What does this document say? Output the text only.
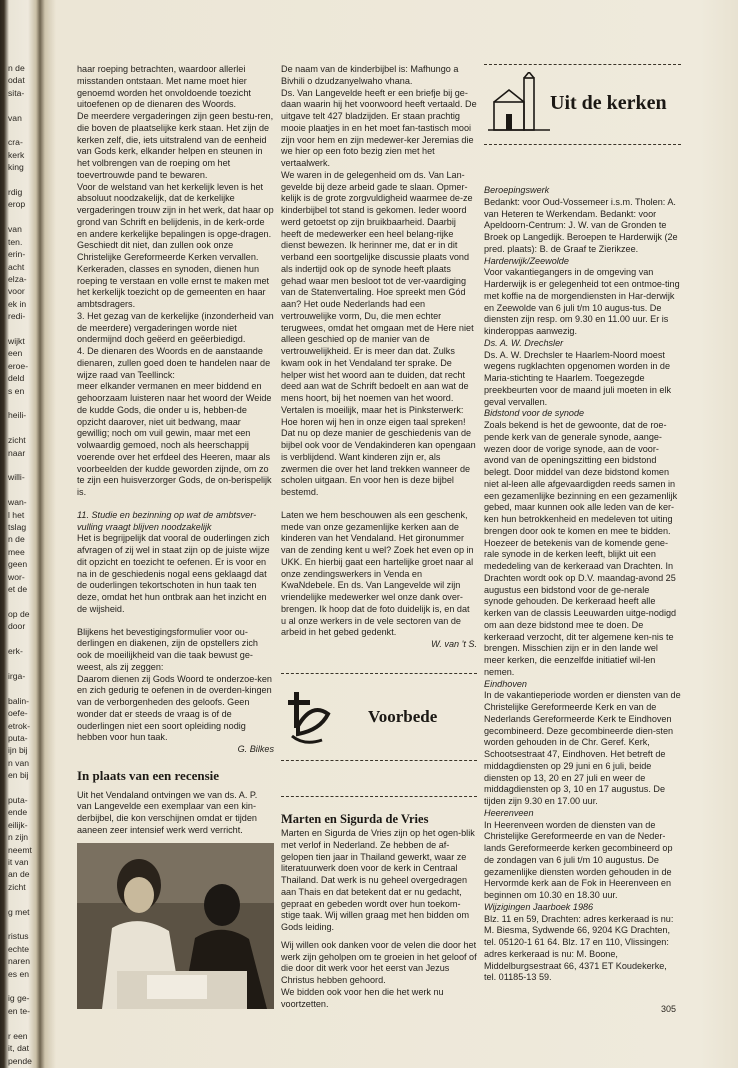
n de
odat
sita-

van

cra-
kerk
king

rdig
erop

van
ten.
erin-
acht
elza-
voor
ek in
redi-

wijkt
een
eroe-
deld
s en

heili-

zicht
naar

willi-

wan-
l het
tslag
n de
mee
geen
wor-
et de

op de
door

erk-

irga-

balin-
oefe-
etrok-
puta-
ijn bij
n van
en bij

puta-
ende
eilijk-
n zijn
neemt
it van
an de
zicht

g met

ristus
echte
naren
es en

ig ge-
en te-

r een
it, dat
pende

haar roeping betrachten, waardoor allerlei misstanden ontstaan. Met name moet hier genoemd worden het onvoldoende toezicht uitoefenen op de dienaren des Woords.

De meerdere vergaderingen zijn geen bestu-ren, die boven de plaatselijke kerk staan. Het zijn de kerken zelf, die, iets uitstralend van de eenheid van Gods kerk, elkander helpen en steunen in het volbrengen van de roeping om het toevertrouwde pand te bewaren.

Voor de welstand van het kerkelijk leven is het absoluut noodzakelijk, dat de kerkelijke vergaderingen trouw zijn in het werk, dat haar op grond van Schrift en belijdenis, in de kerk-orde en andere kerkelijke bepalingen is opge-dragen.

Geschiedt dit niet, dan zullen ook onze Christelijke Gereformeerde Kerken vervallen. Kerkeraden, classes en synoden, dienen hun roeping te verstaan en volle ernst te maken met het kerkelijk toezicht op de gemeenten en haar ambtsdragers.

3. Het gezag van de kerkelijke (inzonderheid van de meerdere) vergaderingen worde niet ondermijnd doch geëerd en geëerbiedigd.

4. De dienaren des Woords en de aanstaande dienaren, zullen goed doen te handelen naar de wijze raad van Teellinck:

meer elkander vermanen en meer biddend en gehoorzaam luisteren naar het woord der Weide de kudde Gods, die onder u is, hebben-de opzicht daarover, niet uit bedwang, maar gewillig; noch om vuil gewin, maar met een volwaardig gemoed, noch als heerschappij voerende over het erfdeel des Heeren, maar als voorbeelden der kudde geworden zijnde, om zo te zijn een huisverzorger Gods, de on-berispelijk is.

11. Studie en bezinning op wat de ambtsver-vulling vraagt blijven noodzakelijk

Het is begrijpelijk dat vooral de ouderlingen zich afvragen of zij wel in staat zijn op de juiste wijze dit opzicht en toezicht te oefenen. Er is voor en na in de geschiedenis nogal eens geklaagd dat de ouderlingen tekortschoten in hun taak ten deze, omdat het hun ontbrak aan het inzicht en de wijsheid.

Blijkens het bevestigingsformulier voor ou-derlingen en diakenen, zijn de opstellers zich ook de moeilijkheid van die taak bewust ge-weest, als zij zeggen:

Daarom dienen zij Gods Woord te onderzoe-ken en zich gedurig te oefenen in de overden-kingen van de verborgenheden des geloofs. Geen wonder dat er steeds de vraag is of de ouderlingen niet een soort opleiding nodig hebben voor hun taak.

G. Bilkes

In plaats van een recensie

Uit het Vendaland ontvingen we van ds. A. P. van Langevelde een exemplaar van een kin-derbijbel, die kon verschijnen omdat er tijden aaneen zeer intensief werk werd verricht.

De naam van de kinderbijbel is: Mafhungo a Bivhili o dzudzanyelwaho vhana.

Ds. Van Langevelde heeft er een briefje bij ge-daan waarin hij het voorwoord heeft vertaald. De uitgave telt 427 bladzijden. Er staan prachtig mooie plaatjes in en het moet fan-tastisch mooi zijn voor hem en zijn medewer-ker Jeremias die we hier op een foto bezig zien met het vertaalwerk.

We waren in de gelegenheid om ds. Van Lan-gevelde bij deze arbeid gade te slaan. Opmer-kelijk is de grote zorgvuldigheid waarmee de-ze kinderbijbel tot stand is gekomen. Ieder woord werd getoetst op zijn bruikbaarheid. Daarbij heeft de medewerker een heel belang-rijke dienst bewezen. Ik herinner me, dat er in dit verband een soortgelijke discussie plaats vond als indertijd ook op de synode heeft plaats gehad waar men besloot tot de ver-vaardiging van de Statenvertaling. Hoe spreekt men Gód aan? Het oude Nederlands had een vertrouwelijke vorm, Du, die men echter terugwees, omdat het omgaan met de Here niet alleen geschied op de manier van de vertrouwelijkheid. Er is meer dan dat. Zulks kwam ook in het Vendaland ter sprake. De helper wist het woord aan te duiden, dat recht deed aan wat de Schrift bedoelt en aan wat de mens hoort, bij het noemen van het woord. Vertalen is moeilijk, maar het is Pinksterwerk: Hoe horen wij hen in onze eigen taal spreken!

Dat nu op deze manier de geschiedenis van de bijbel ook voor de Vendakinderen kan opengaan is verblijdend. Want kinderen zijn er, als zwermen die over het land trekken wanneer de scholen uitgaan. En voor hen is deze bijbel bestemd.

Laten we hem beschouwen als een geschenk, mede van onze gezamenlijke kerken aan de kinderen van het Vendaland. Het gironummer van de zending kent u wel? Zoek het even op in UKK. En hierbij gaat een hartelijke groet naar al onze zendingswerkers in Venda en KwaNdebele. En ds. Van Langevelde wil zijn vriendelijke medewerker wel onze dank over-brengen. Ik hoop dat de foto duidelijk is, en dat u al onze werkers in de vele sectoren van de arbeid in het gebed gedenkt.

W. van 't S.

Voorbede
Marten en Sigurda de Vries

Marten en Sigurda de Vries zijn op het ogen-blik met verlof in Nederland. Ze hebben de af-gelopen tien jaar in Thailand gewerkt, waar ze literatuurwerk doen voor de kerk in Centraal Thailand. Dat werk is nu geheel overgedragen aan Thais en dat betekent dat er nu gedacht, gepraat en gebeden wordt over hun toekom-stige taak. Wij willen graag met hen bidden om Gods leiding.

Wij willen ook danken voor de velen die door het werk zijn geholpen om te groeien in het geloof of die door dit werk voor het eerst van Jezus Christus hebben gehoord.

We bidden ook voor hen die het werk nu voortzetten.

Uit de kerken

Beroepingswerk

Bedankt: voor Oud-Vossemeer i.s.m. Tholen: A. van Heteren te Werkendam. Bedankt: voor Apeldoorn-Centrum: J. W. van de Gronden te Broek op Langedijk. Beroepen te Harderwijk (2e pred. plaats): B. de Graaf te Zierikzee.

Harderwijk/Zeewolde

Voor vakantiegangers in de omgeving van Harderwijk is er gelegenheid tot een ontmoe-ting met koffie na de morgendiensten in Har-derwijk en Zeewolde van 6 juli t/m 10 augus-tus. De diensten zijn resp. om 9.30 en 11.00 uur. Er is kinderoppas aanwezig.

Ds. A. W. Drechsler

Ds. A. W. Drechsler te Haarlem-Noord moest wegens rugklachten opgenomen worden in de Maria-stichting te Haarlem. Toegezegde preekbeurten voor de maand juli moeten in elk geval vervallen.

Bidstond voor de synode

Zoals bekend is het de gewoonte, dat de roe-pende kerk van de generale synode, aange-wezen door de vorige synode, aan de voor-avond van de openingszitting een bidstond belegt. Door middel van deze bidstond komen niet al-leen alle afgevaardigden reeds samen in een gezamenlijke bezinning en een gezamenlijk gebed, maar kunnen ook alle leden van de ker-ken hun betrokkenheid en medeleven tot uiting brengen door ook te komen en mee te bidden. Hoezeer de betekenis van de komende gene-rale synode in de kerken leeft, blijkt uit een mededeling van de kerkeraad van Drachten. In Drachten wordt ook op D.V. maandag-avond 25 augustus een bidstond voor de ge-nerale synode gehouden. De kerkeraad heeft alle kerken van de classis Leeuwarden uitge-nodigd om aan deze bidstond mee te doen. De kerkeraad verzocht, dit ter algemene ken-nis te brengen. Misschien zijn er in den lande wel meer kerken, die eenzelfde initiatief wil-len nemen.

Eindhoven

In de vakantieperiode worden er diensten van de Christelijke Gereformeerde Kerk en van de Nederlands Gereformeerde Kerk te Eindhoven gecombineerd. Deze gecombineerde dien-sten worden gehouden in de Chr. Geref. Kerk, Schootsestraat 47, Eindhoven. Het betreft de middagdiensten op 29 juni en 6 juli, beide diensten op 13, 20 en 27 juli en weer de middagdiensten op 3, 10 en 17 augustus. De tijden zijn 9.30 en 17.00 uur.

Heerenveen

In Heerenveen worden de diensten van de Christelijke Gereformeerde en van de Neder-lands Gereformeerde kerken gecombineerd op de zondagen van 6 juli t/m 10 augustus. De gezamenlijke diensten worden gehouden in de Hervormde kerk aan de Fok in Heerenveen en beginnen om 10.30 en 18.30 uur.

Wijzigingen Jaarboek 1986

Blz. 11 en 59, Drachten: adres kerkeraad is nu: M. Biesma, Sydwende 66, 9204 KG Drachten, tel. 05120-1 61 64. Blz. 17 en 110, Vlissingen: adres kerkeraad is nu: M. Boone, Middelburgsestraat 66, 4371 ET Koudekerke, tel. 01185-13 59.

305
